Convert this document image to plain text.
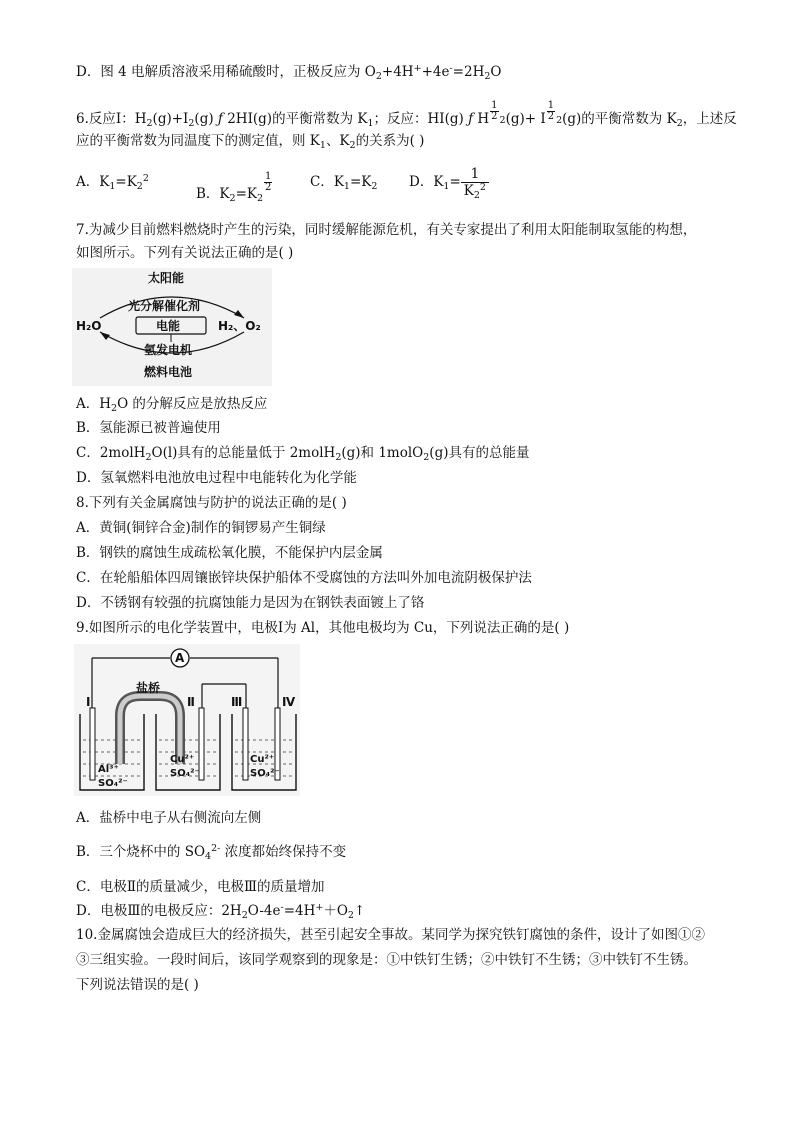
D．图 4 电解质溶液采用稀硫酸时，正极反应为 $O_2+4H^++4e^-=2H_2O$
6.反应Ⅰ：$H_2(g)+I_2(g)$ ƒ 2HI(g)的平衡常数为 $K_1$；反应：HI(g) ƒ H $\frac{1}{2} 2(g)+ I \frac{1}{2} 2(g)$的平衡常数为 $K_2$，上述反
应的平衡常数为同温度下的测定值，则 $K_1$、$K_2$的关系为( )
A．$K_1=K_2^2$
B．$K_2=K_2$
$\frac{1}{2}$	C．$K_1=K_2$ D．$K_1= \frac{1}{K_2^2}$
7.为减少目前燃料燃烧时产生的污染，同时缓解能源危机，有关专家提出了利用太阳能制取氢能的构想，
如图所示。下列有关说法正确的是( )
太阳能
光分解催化剂
H₂O	电能	H₂、O₂
氢发电机
燃料电池
A．$H_2O$ 的分解反应是放热反应
B．氢能源已被普遍使用
C．2molH$_2$O(l)具有的总能量低于 2molH$_2$(g)和 1molO$_2$(g)具有的总能量
D．氢氧燃料电池放电过程中电能转化为化学能
8.下列有关金属腐蚀与防护的说法正确的是( )
A．黄铜(铜锌合金)制作的铜锣易产生铜绿
B．钢铁的腐蚀生成疏松氧化膜，不能保护内层金属
C．在轮船船体四周镶嵌锌块保护船体不受腐蚀的方法叫外加电流阴极保护法
D．不锈钢有较强的抗腐蚀能力是因为在钢铁表面镀上了铬
9.如图所示的电化学装置中，电极Ⅰ为 Al，其他电极均为 Cu，下列说法正确的是( )
A
盐桥
Ⅰ	Ⅱ	Ⅲ	Ⅳ
Al³⁺
SO₄²⁻
Cu²⁺
SO₄²⁻
Cu²⁺
SO₄²⁻
A．盐桥中电子从右侧流向左侧
B．三个烧杯中的 $SO_4^{2-}$ 浓度都始终保持不变
C．电极Ⅱ的质量减少，电极Ⅲ的质量增加
D．电极Ⅲ的电极反应：$2H_2O-4e^-=4H^++O_2↑$
10.金属腐蚀会造成巨大的经济损失，甚至引起安全事故。某同学为探究铁钉腐蚀的条件，设计了如图①②
③三组实验。一段时间后，该同学观察到的现象是：①中铁钉生锈；②中铁钉不生锈；③中铁钉不生锈。
下列说法错误的是( )
